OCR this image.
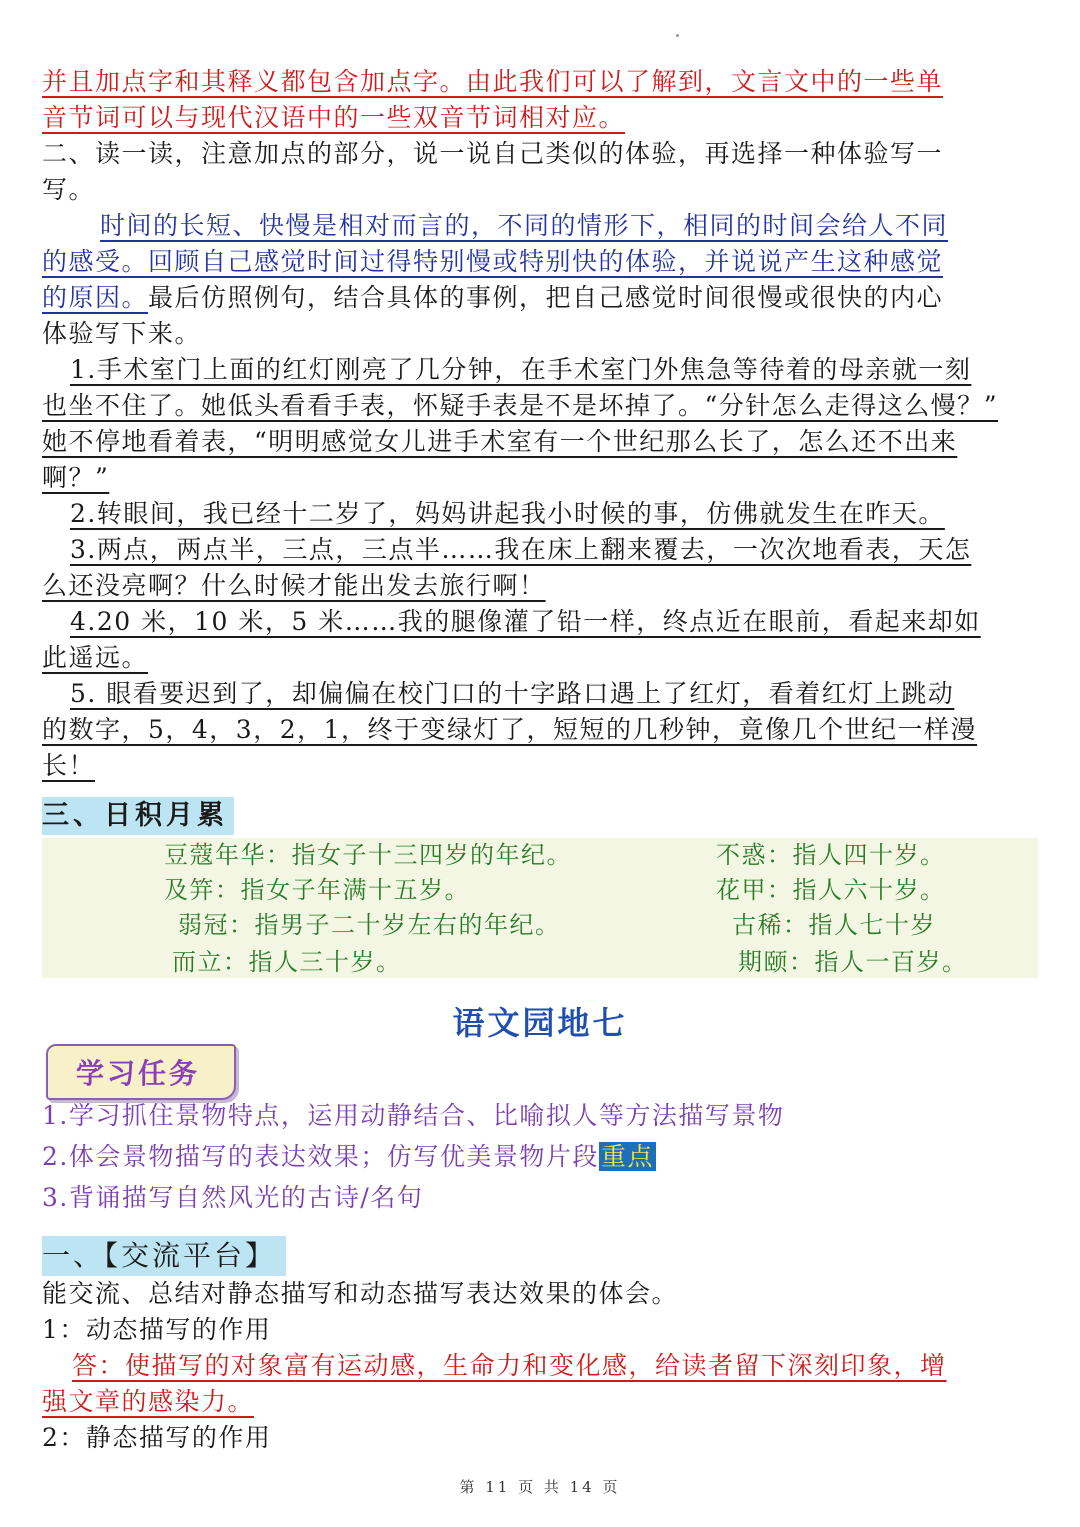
并且加点字和其释义都包含加点字。由此我们可以了解到，文言文中的一些单
音节词可以与现代汉语中的一些双音节词相对应。
二、读一读，注意加点的部分，说一说自己类似的体验，再选择一种体验写一
写。
时间的长短、快慢是相对而言的，不同的情形下，相同的时间会给人不同
的感受。回顾自己感觉时间过得特别慢或特别快的体验，并说说产生这种感觉
的原因。最后仿照例句，结合具体的事例，把自己感觉时间很慢或很快的内心
体验写下来。
1.手术室门上面的红灯刚亮了几分钟，在手术室门外焦急等待着的母亲就一刻
也坐不住了。她低头看看手表，怀疑手表是不是坏掉了。“分针怎么走得这么慢？”
她不停地看着表，“明明感觉女儿进手术室有一个世纪那么长了，怎么还不出来
啊？”
2.转眼间，我已经十二岁了，妈妈讲起我小时候的事，仿佛就发生在昨天。
3.两点，两点半，三点，三点半……我在床上翻来覆去，一次次地看表，天怎
么还没亮啊？什么时候才能出发去旅行啊！
4.20 米，10 米，5 米……我的腿像灌了铅一样，终点近在眼前，看起来却如
此遥远。
5. 眼看要迟到了，却偏偏在校门口的十字路口遇上了红灯，看着红灯上跳动
的数字，5，4，3，2，1，终于变绿灯了，短短的几秒钟，竟像几个世纪一样漫
长！
三、日积月累
豆蔻年华：指女子十三四岁的年纪。
及笄：指女子年满十五岁。
弱冠：指男子二十岁左右的年纪。
而立：指人三十岁。
不惑：指人四十岁。
花甲：指人六十岁。
古稀：指人七十岁
期颐：指人一百岁。
语文园地七
学习任务
1.学习抓住景物特点，运用动静结合、比喻拟人等方法描写景物
2.体会景物描写的表达效果；仿写优美景物片段重点
3.背诵描写自然风光的古诗/名句
一、【交流平台】
能交流、总结对静态描写和动态描写表达效果的体会。
1：动态描写的作用
答：使描写的对象富有运动感，生命力和变化感，给读者留下深刻印象，增
强文章的感染力。
2：静态描写的作用
第 11 页 共 14 页
